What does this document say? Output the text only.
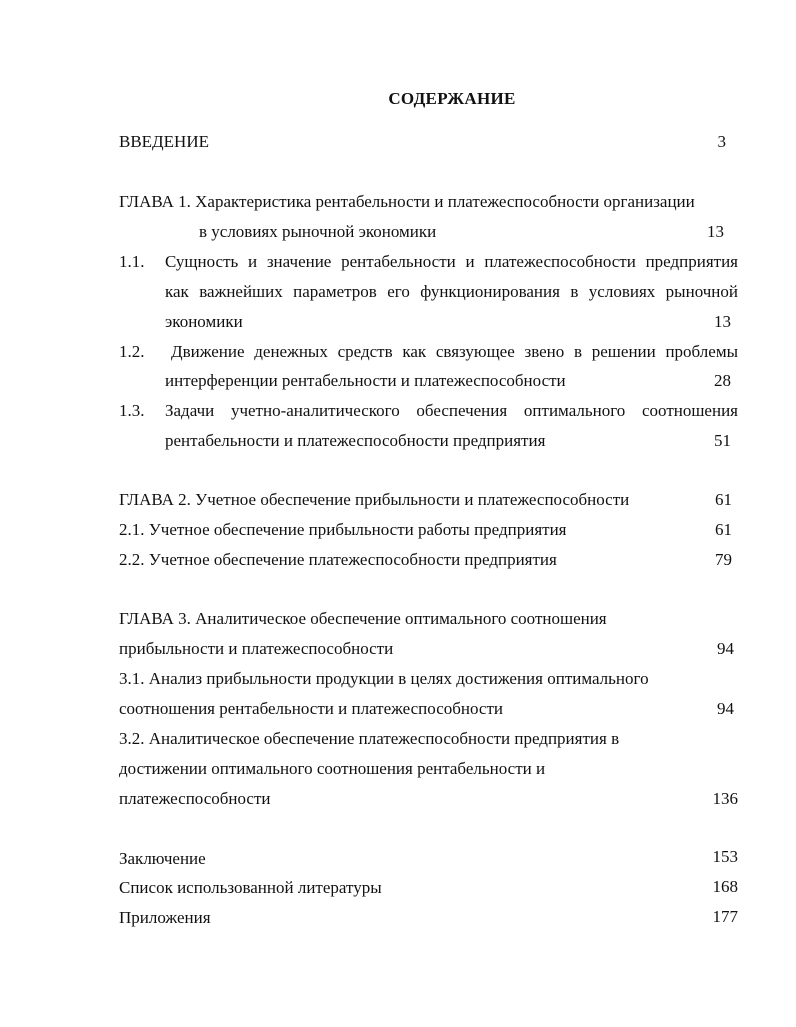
СОДЕРЖАНИЕ
ВВЕДЕНИЕ	3
ГЛАВА 1. Характеристика рентабельности и платежеспособности организации
в условиях рыночной экономики	13
1.1. Сущность и значение рентабельности и платежеспособности предприятия
как важнейших параметров его функционирования в условиях рыночной
экономики	13
1.2. Движение денежных средств как связующее звено в решении проблемы
интерференции рентабельности и платежеспособности	28
1.3. Задачи учетно-аналитического обеспечения оптимального соотношения
рентабельности и платежеспособности предприятия	51
ГЛАВА 2. Учетное обеспечение прибыльности и платежеспособности	61
2.1. Учетное обеспечение прибыльности работы предприятия	61
2.2. Учетное обеспечение платежеспособности предприятия	79
ГЛАВА 3. Аналитическое обеспечение оптимального соотношения
прибыльности и платежеспособности	94
3.1. Анализ прибыльности продукции в целях достижения оптимального
соотношения рентабельности и платежеспособности	94
3.2. Аналитическое обеспечение платежеспособности предприятия в
достижении оптимального соотношения рентабельности и
платежеспособности	136
Заключение	153
Список использованной литературы	168
Приложения	177
